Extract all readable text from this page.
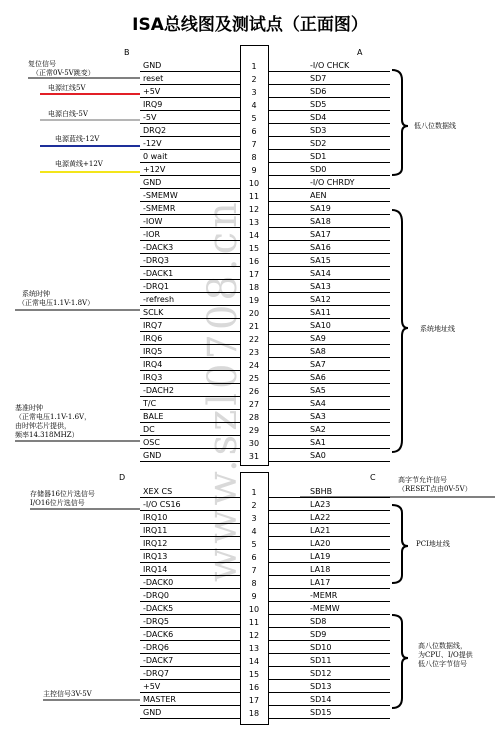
ISA总线图及测试点（正面图）
www.szl0708.cn
B	A
D	C
GND	1	-I/O CHCK
reset	2	SD7
+5V	3	SD6
IRQ9	4	SD5
-5V	5	SD4
DRQ2	6	SD3
-12V	7	SD2
0 wait	8	SD1
+12V	9	SD0
GND	10	-I/O CHRDY
-SMEMW	11	AEN
-SMEMR	12	SA19
-IOW	13	SA18
-IOR	14	SA17
-DACK3	15	SA16
-DRQ3	16	SA15
-DACK1	17	SA14
-DRQ1	18	SA13
-refresh	19	SA12
SCLK	20	SA11
IRQ7	21	SA10
IRQ6	22	SA9
IRQ5	23	SA8
IRQ4	24	SA7
IRQ3	25	SA6
-DACH2	26	SA5
T/C	27	SA4
BALE	28	SA3
DC	29	SA2
OSC	30	SA1
GND	31	SA0
XEX CS	1	SBHB
-I/O CS16	2	LA23
IRQ10	3	LA22
IRQ11	4	LA21
IRQ12	5	LA20
IRQ13	6	LA19
IRQ14	7	LA18
-DACK0	8	LA17
-DRQ0	9	-MEMR
-DACK5	10	-MEMW
-DRQ5	11	SD8
-DACK6	12	SD9
-DRQ6	13	SD10
-DACK7	14	SD11
-DRQ7	15	SD12
+5V	16	SD13
MASTER	17	SD14
GND	18	SD15
复位信号
（正常0V-5V跳变）
电源红线5V
电源白线-5V
电源蓝线-12V
电源黄线+12V
系统时钟
（正常电压1.1V-1.8V）
基准时钟
（正常电压1.1V-1.6V，
由时钟芯片提供，
频率14.318MHZ）
存储器16位片选信号
I/O16位片选信号
主控信号3V-5V
低八位数据线
系统地址线
高字节允许信号
（RESET点由0V-5V）
PCI地址线
高八位数据线，
为CPU、I/O提供
低八位字节信号
